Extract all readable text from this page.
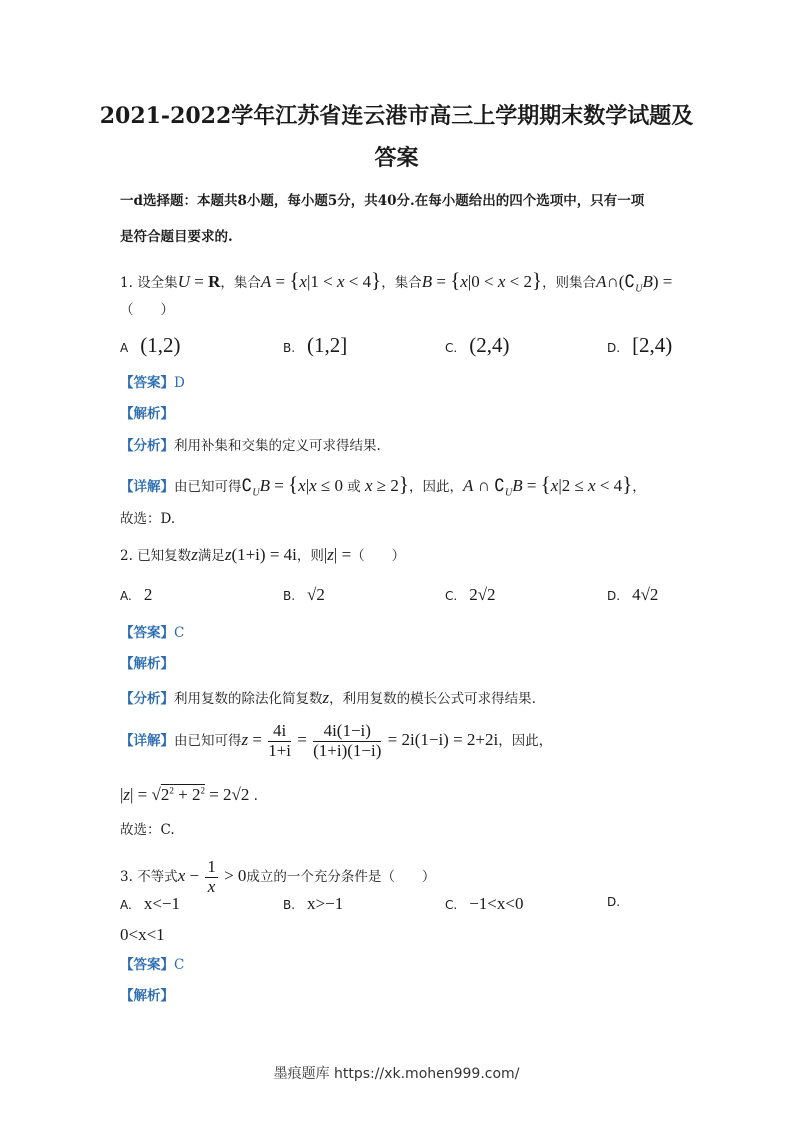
2021-2022学年江苏省连云港市高三上学期期末数学试题及
答案
一d选择题：本题共8小题，每小题5分，共40分.在每小题给出的四个选项中，只有一项
是符合题目要求的.
1. 设全集U = R，集合A = {x|1 < x < 4}，集合B = {x|0 < x < 2}，则集合$A\cap(∁_UB)$ =
（　　）
A (1,2)	B. (1,2]	C. (2,4)	D. [2,4)
【答案】D
【解析】
【分析】利用补集和交集的定义可求得结果.
【详解】由已知可得$∁_UB = \{x|x \le 0$ 或 x ≥ 2}，因此，A ∩ $∁_UB = \{x|2 \le x < 4\}$，
故选：D.
2. 已知复数z满足z(1+i) = 4i，则|z| =（　　）
A. 2	B. √2	C. 2√2	D. 4√2
【答案】C
【解析】
【分析】利用复数的除法化简复数z，利用复数的模长公式可求得结果.
【详解】由已知可得$z = \frac{4i}{1+i} = \frac{4i(1-i)}{(1+i)(1-i)} = 2i(1-i) = 2+2i$，因此，
$|z| = √2^2 + 2^2 = 2√2$ .
故选：C.
3. 不等式$x - \frac{1}{x} > 0$成立的一个充分条件是（　　）
A. x<−1	B. x>−1	C. −1<x<0	D.
0<x<1
【答案】C
【解析】
墨痕题库 https://xk.mohen999.com/
